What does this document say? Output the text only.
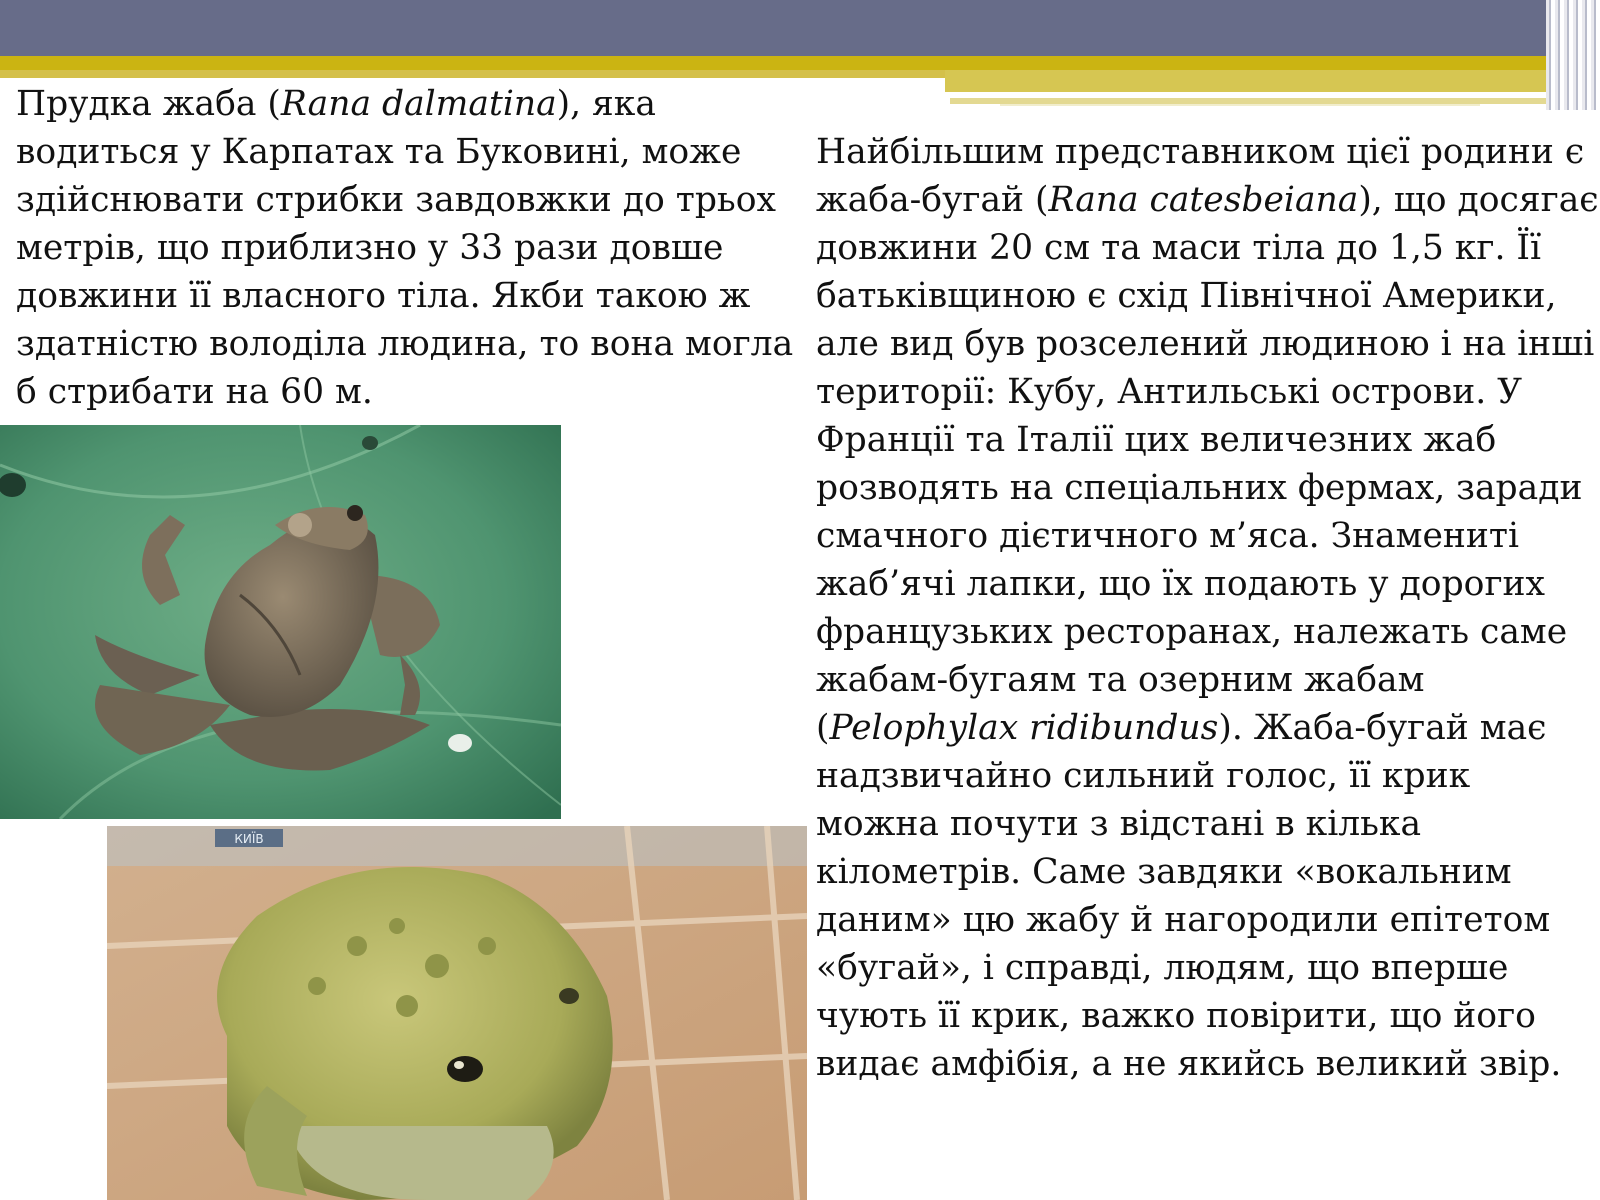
Прудка жаба (Rana dalmatina), яка водиться у Карпатах та Буковині, може здійснювати стрибки завдовжки до трьох метрів, що приблизно у 33 рази довше довжини її власного тіла. Якби такою ж здатністю володіла людина, то вона могла б стрибати на 60 м.
Найбільшим представником цієї родини є жаба-бугай (Rana catesbeiana), що досягає довжини 20 см та маси тіла до 1,5 кг. Її батьківщиною є схід Північної Америки, але вид був розселений людиною і на інші території: Кубу, Антильські острови. У Франції та Італії цих величезних жаб розводять на спеціальних фермах, заради смачного дієтичного м’яса. Знамениті жаб’ячі лапки, що їх подають у дорогих французьких ресторанах, належать саме жабам-бугаям та озерним жабам (Pelophylax ridibundus). Жаба-бугай має надзвичайно сильний голос, її крик можна почути з відстані в кілька кілометрів. Саме завдяки «вокальним даним» цю жабу й нагородили епітетом «бугай», і справді, людям, що вперше чують її крик, важко повірити, що його видає амфібія, а не якийсь великий звір.
КИЇВ
